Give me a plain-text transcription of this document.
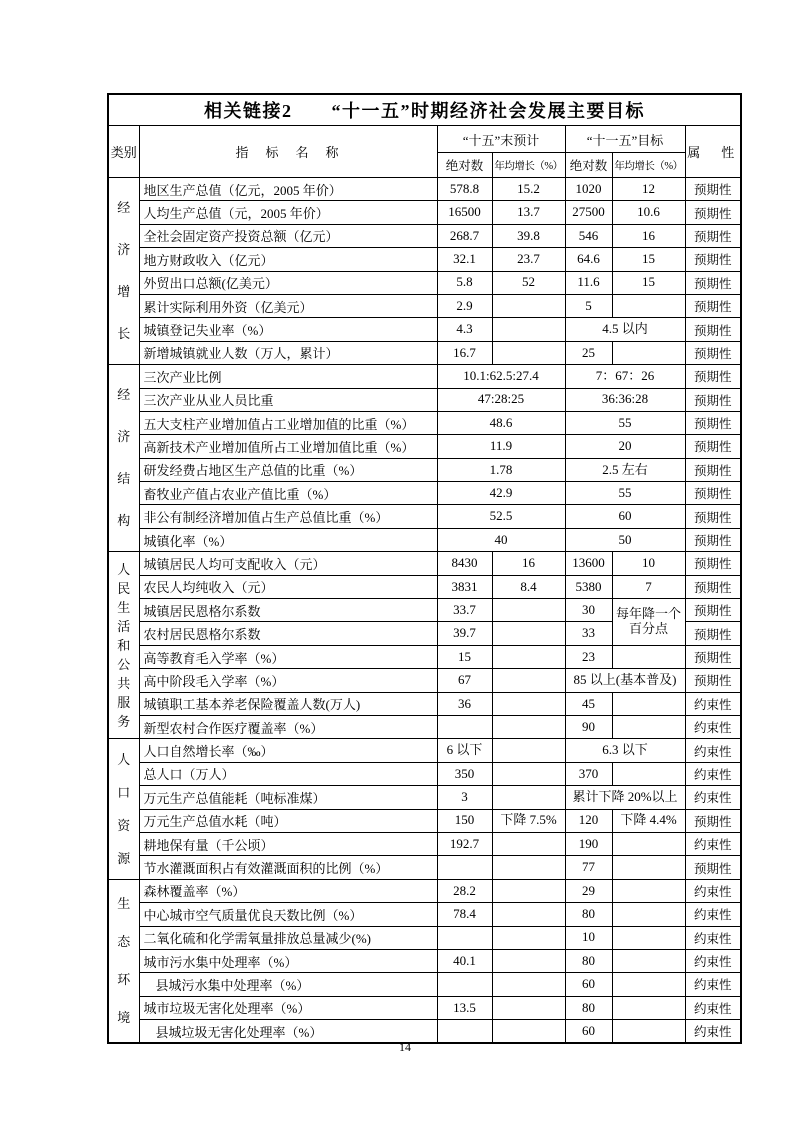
相关链接2　　“十一五”时期经济社会发展主要目标						
类别	指　标　名　称	“十五”末预计		“十一五”目标		属　性
		绝对数	年均增长（%）	绝对数	年均增长（%）	

经济增长	地区生产总值（亿元，2005 年价）	578.8	15.2	1020	12	预期性
	人均生产总值（元，2005 年价）	16500	13.7	27500	10.6	预期性
	全社会固定资产投资总额（亿元）	268.7	39.8	546	16	预期性
	地方财政收入（亿元）	32.1	23.7	64.6	15	预期性
	外贸出口总额(亿美元）	5.8	52	11.6	15	预期性
	累计实际利用外资（亿美元）	2.9		5		预期性
	城镇登记失业率（%）	4.3		4.5 以内		预期性
	新增城镇就业人数（万人，累计）	16.7		25		预期性

经济结构	三次产业比例	10.1:62.5:27.4		7：67：26		预期性
	三次产业从业人员比重	47:28:25		36:36:28		预期性
	五大支柱产业增加值占工业增加值的比重（%）	48.6		55		预期性
	高新技术产业增加值所占工业增加值比重（%）	11.9		20		预期性
	研发经费占地区生产总值的比重（%）	1.78		2.5 左右		预期性
	畜牧业产值占农业产值比重（%）	42.9		55		预期性
	非公有制经济增加值占生产总值比重（%）	52.5		60		预期性
	城镇化率（%）	40		50		预期性

人民生活和公共服务	城镇居民人均可支配收入（元）	8430	16	13600	10	预期性
	农民人均纯收入（元）	3831	8.4	5380	7	预期性
	城镇居民恩格尔系数	33.7		30	每年降一个百分点	预期性
	农村居民恩格尔系数	39.7		33		预期性
	高等教育毛入学率（%）	15		23		预期性
	高中阶段毛入学率（%）	67		85 以上(基本普及)		预期性
	城镇职工基本养老保险覆盖人数(万人)	36		45		约束性
	新型农村合作医疗覆盖率（%）			90		约束性

人口资源	人口自然增长率（‰）	6 以下		6.3 以下		约束性
	总人口（万人）	350		370		约束性
	万元生产总值能耗（吨标准煤）	3		累计下降 20%以上		约束性
	万元生产总值水耗（吨）	150	下降 7.5%	120	下降 4.4%	预期性
	耕地保有量（千公顷）	192.7		190		约束性
	节水灌溉面积占有效灌溉面积的比例（%）			77		预期性

生态环境	森林覆盖率（%）	28.2		29		约束性
	中心城市空气质量优良天数比例（%）	78.4		80		约束性
	二氧化硫和化学需氧量排放总量减少(%)			10		约束性
	城市污水集中处理率（%）	40.1		80		约束性
	县城污水集中处理率（%）			60		约束性
	城市垃圾无害化处理率（%）	13.5		80		约束性
	县城垃圾无害化处理率（%）			60		约束性
14
